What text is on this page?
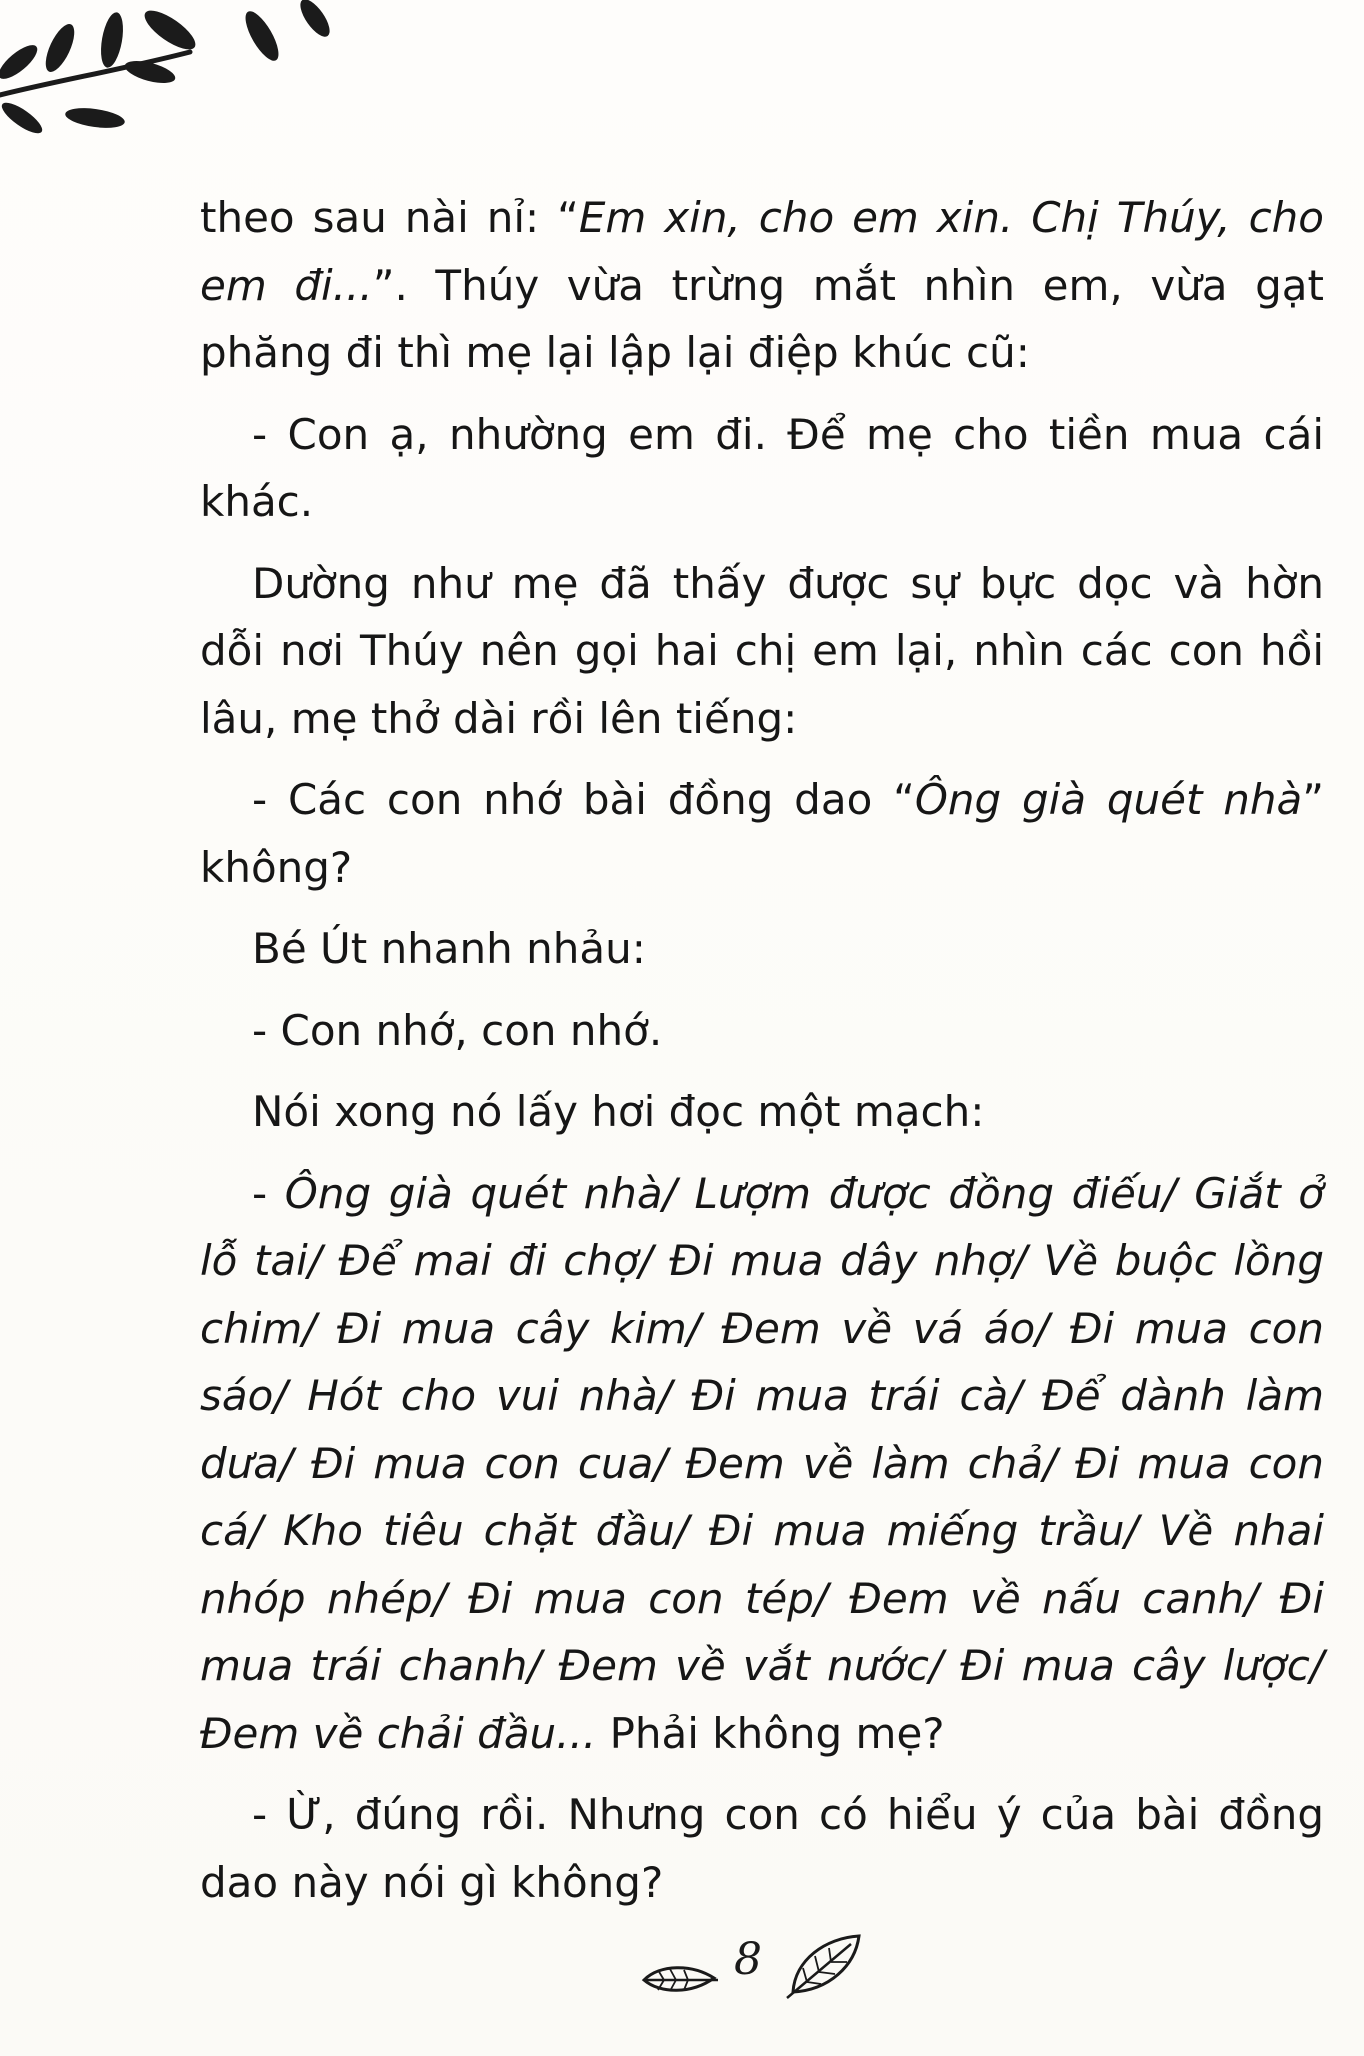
theo sau nài nỉ: “Em xin, cho em xin. Chị Thúy, cho em đi...”. Thúy vừa trừng mắt nhìn em, vừa gạt phăng đi thì mẹ lại lập lại điệp khúc cũ:

- Con ạ, nhường em đi. Để mẹ cho tiền mua cái khác.

Dường như mẹ đã thấy được sự bực dọc và hờn dỗi nơi Thúy nên gọi hai chị em lại, nhìn các con hồi lâu, mẹ thở dài rồi lên tiếng:

- Các con nhớ bài đồng dao “Ông già quét nhà” không?

Bé Út nhanh nhảu:

- Con nhớ, con nhớ.

Nói xong nó lấy hơi đọc một mạch:

- Ông già quét nhà/ Lượm được đồng điếu/ Giắt ở lỗ tai/ Để mai đi chợ/ Đi mua dây nhợ/ Về buộc lồng chim/ Đi mua cây kim/ Đem về vá áo/ Đi mua con sáo/ Hót cho vui nhà/ Đi mua trái cà/ Để dành làm dưa/ Đi mua con cua/ Đem về làm chả/ Đi mua con cá/ Kho tiêu chặt đầu/ Đi mua miếng trầu/ Về nhai nhóp nhép/ Đi mua con tép/ Đem về nấu canh/ Đi mua trái chanh/ Đem về vắt nước/ Đi mua cây lược/ Đem về chải đầu... Phải không mẹ?

- Ừ, đúng rồi. Nhưng con có hiểu ý của bài đồng dao này nói gì không?

8
